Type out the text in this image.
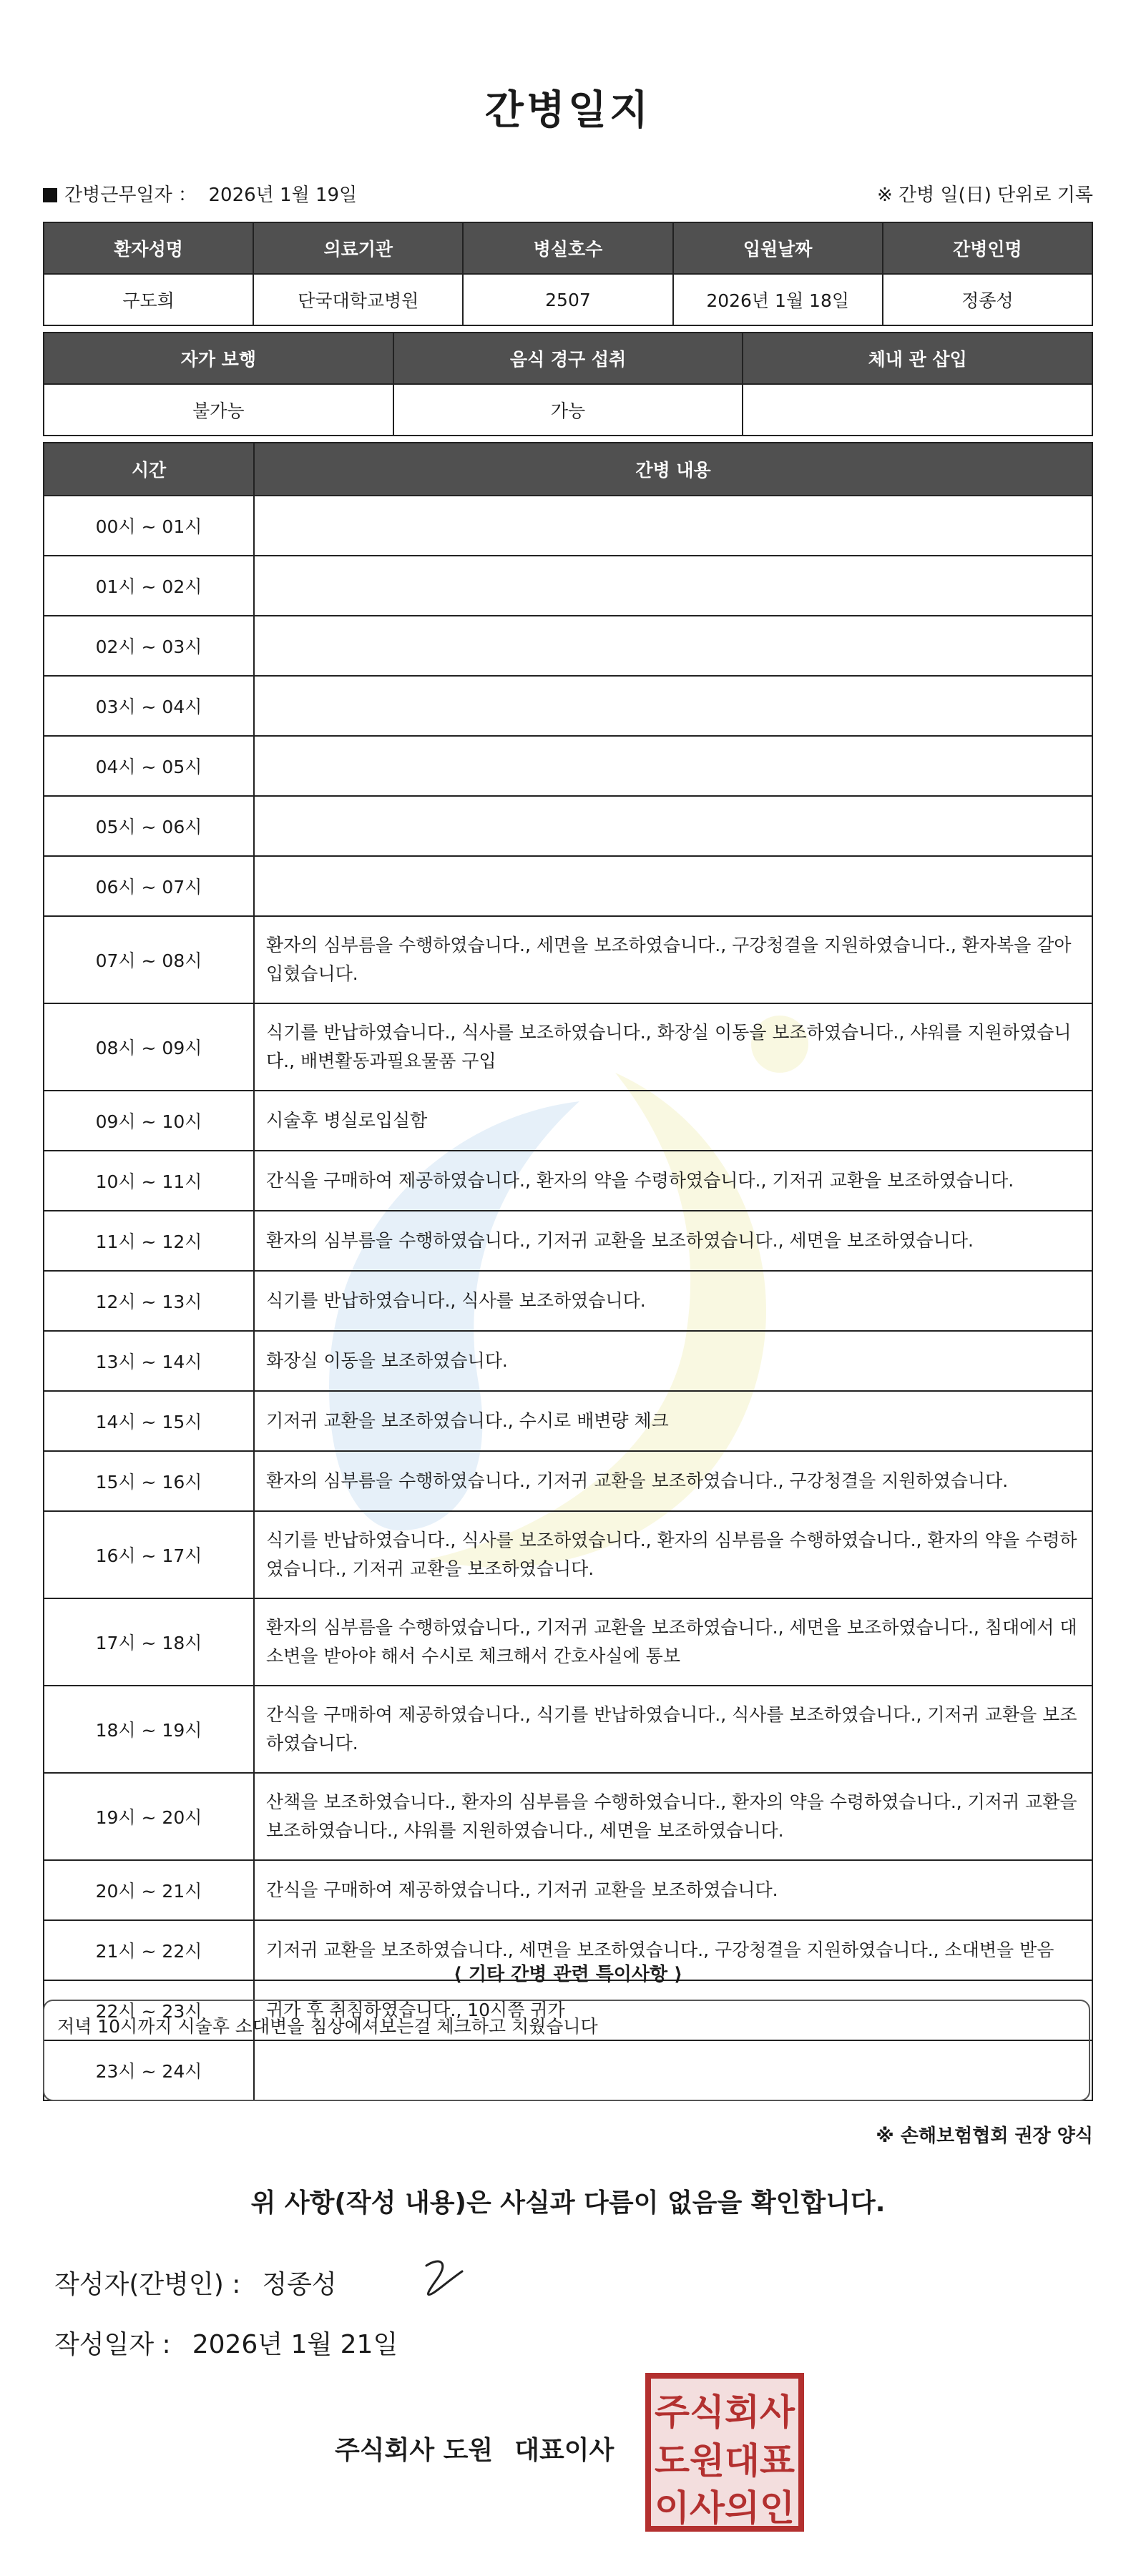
간병일지
간병근무일자 ： 2026년 1월 19일	※ 간병 일(日) 단위로 기록
환자성명	의료기관	병실호수	입원날짜	간병인명
구도희	단국대학교병원	2507	2026년 1월 18일	정종성
자가 보행	음식 경구 섭취	체내 관 삽입
불가능	가능	
시간	간병 내용
00시 ~ 01시	
01시 ~ 02시	
02시 ~ 03시	
03시 ~ 04시	
04시 ~ 05시	
05시 ~ 06시	
06시 ~ 07시	
07시 ~ 08시	환자의 심부름을 수행하였습니다., 세면을 보조하였습니다., 구강청결을 지원하였습니다., 환자복을 갈아입혔습니다.
08시 ~ 09시	식기를 반납하였습니다., 식사를 보조하였습니다., 화장실 이동을 보조하였습니다., 샤워를 지원하였습니다., 배변활동과필요물품 구입
09시 ~ 10시	시술후 병실로입실함
10시 ~ 11시	간식을 구매하여 제공하였습니다., 환자의 약을 수령하였습니다., 기저귀 교환을 보조하였습니다.
11시 ~ 12시	환자의 심부름을 수행하였습니다., 기저귀 교환을 보조하였습니다., 세면을 보조하였습니다.
12시 ~ 13시	식기를 반납하였습니다., 식사를 보조하였습니다.
13시 ~ 14시	화장실 이동을 보조하였습니다.
14시 ~ 15시	기저귀 교환을 보조하였습니다., 수시로 배변량 체크
15시 ~ 16시	환자의 심부름을 수행하였습니다., 기저귀 교환을 보조하였습니다., 구강청결을 지원하였습니다.
16시 ~ 17시	식기를 반납하였습니다., 식사를 보조하였습니다., 환자의 심부름을 수행하였습니다., 환자의 약을 수령하였습니다., 기저귀 교환을 보조하였습니다.
17시 ~ 18시	환자의 심부름을 수행하였습니다., 기저귀 교환을 보조하였습니다., 세면을 보조하였습니다., 침대에서 대소변을 받아야 해서 수시로 체크해서 간호사실에 통보
18시 ~ 19시	간식을 구매하여 제공하였습니다., 식기를 반납하였습니다., 식사를 보조하였습니다., 기저귀 교환을 보조하였습니다.
19시 ~ 20시	산책을 보조하였습니다., 환자의 심부름을 수행하였습니다., 환자의 약을 수령하였습니다., 기저귀 교환을 보조하였습니다., 샤워를 지원하였습니다., 세면을 보조하였습니다.
20시 ~ 21시	간식을 구매하여 제공하였습니다., 기저귀 교환을 보조하였습니다.
21시 ~ 22시	기저귀 교환을 보조하였습니다., 세면을 보조하였습니다., 구강청결을 지원하였습니다., 소대변을 받음
22시 ~ 23시	귀가 후 취침하였습니다., 10시쯤 귀가
23시 ~ 24시	
⟨ 기타 간병 관련 특이사항 ⟩
저녁 10시까지 시술후 소대변을 침상에셔보는걸 체크하고 치웠습니다
※ 손해보험협회 권장 양식
위 사항(작성 내용)은 사실과 다름이 없음을 확인합니다.
작성자(간병인) : 정종성
작성일자 : 2026년 1월 21일
주식회사 도원 대표이사
주식회사
도원대표
이사의인
